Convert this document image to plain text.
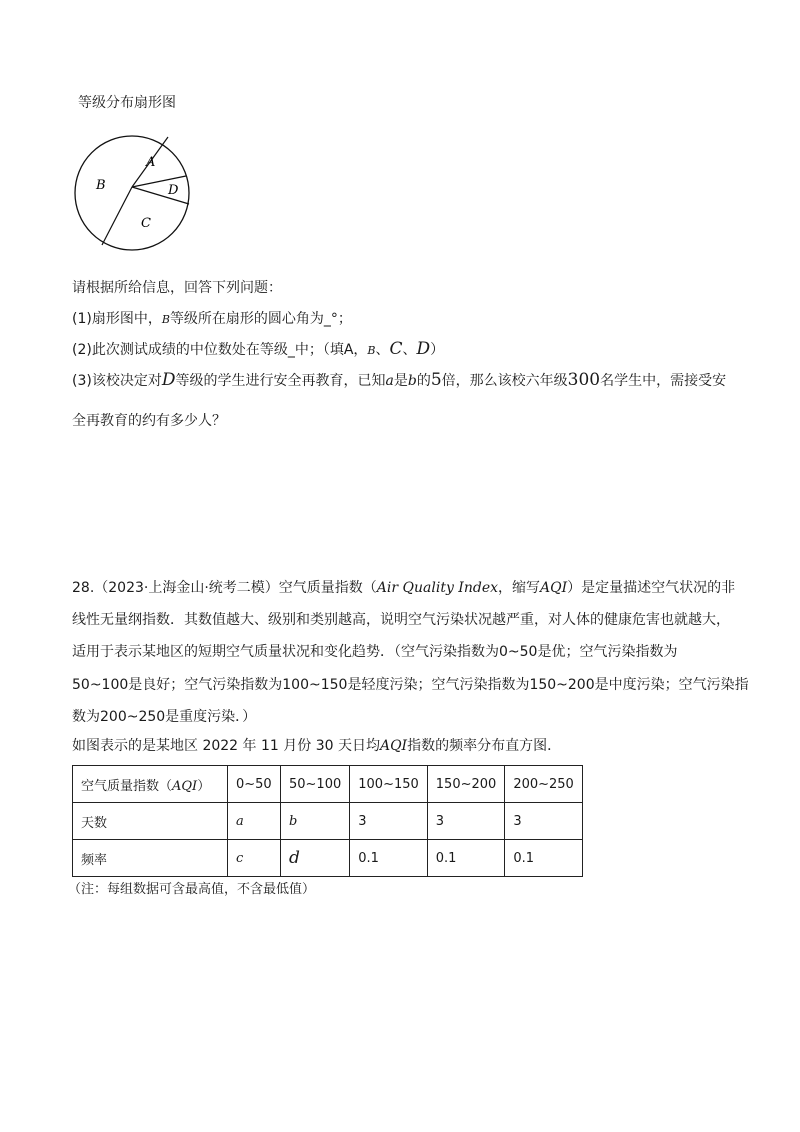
等级分布扇形图
A
B	D
C
请根据所给信息，回答下列问题：
(1)扇形图中，B等级所在扇形的圆心角为_°；
(2)此次测试成绩的中位数处在等级_中；（填A，B、C、D）
(3)该校决定对D等级的学生进行安全再教育，已知a是b的5倍，那么该校六年级300名学生中，需接受安
全再教育的约有多少人？
28.（2023·上海金山·统考二模）空气质量指数（Air Quality Index，缩写AQI）是定量描述空气状况的非
线性无量纲指数．其数值越大、级别和类别越高，说明空气污染状况越严重，对人体的健康危害也就越大，
适用于表示某地区的短期空气质量状况和变化趋势．（空气污染指数为0~50是优；空气污染指数为
50~100是良好；空气污染指数为100~150是轻度污染；空气污染指数为150~200是中度污染；空气污染指
数为200~250是重度污染．）
如图表示的是某地区 2022 年 11 月份 30 天日均AQI指数的频率分布直方图．
空气质量指数（AQI）	0~50	50~100	100~150	150~200	200~250
天数	a	b	3	3	3
频率	c	d	0.1	0.1	0.1
（注：每组数据可含最高值，不含最低值）
